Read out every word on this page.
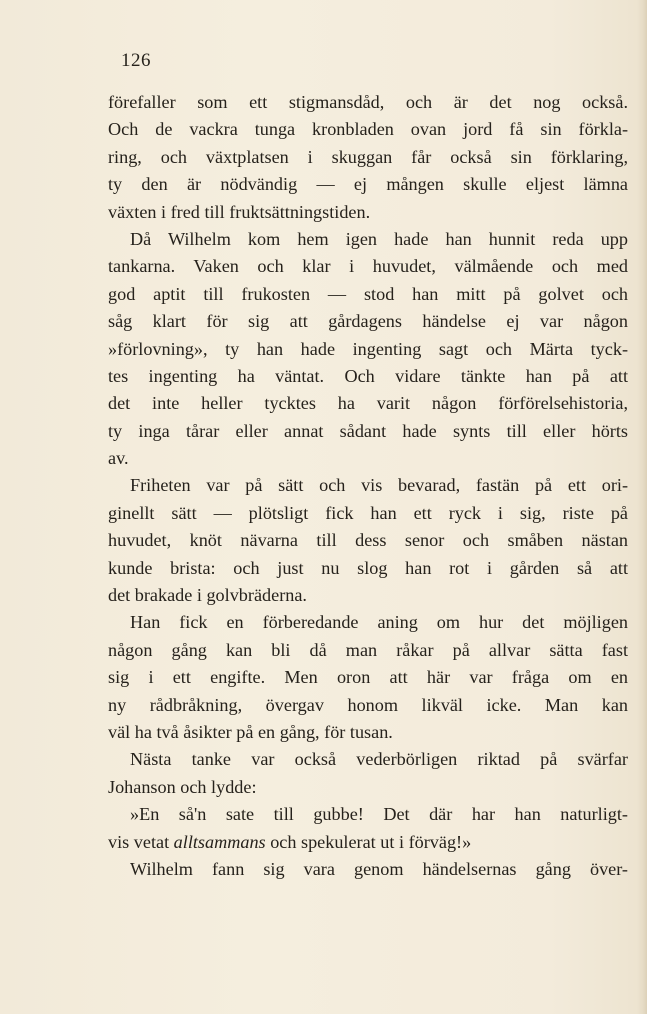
126
förefaller som ett stigmansdåd, och är det nog också.
Och de vackra tunga kronbladen ovan jord få sin förkla-
ring, och växtplatsen i skuggan får också sin förklaring,
ty den är nödvändig — ej mången skulle eljest lämna
växten i fred till fruktsättningstiden.
Då Wilhelm kom hem igen hade han hunnit reda upp
tankarna. Vaken och klar i huvudet, välmående och med
god aptit till frukosten — stod han mitt på golvet och
såg klart för sig att gårdagens händelse ej var någon
»förlovning», ty han hade ingenting sagt och Märta tyck-
tes ingenting ha väntat. Och vidare tänkte han på att
det inte heller tycktes ha varit någon förförelsehistoria,
ty inga tårar eller annat sådant hade synts till eller hörts
av.
Friheten var på sätt och vis bevarad, fastän på ett ori-
ginellt sätt — plötsligt fick han ett ryck i sig, riste på
huvudet, knöt nävarna till dess senor och småben nästan
kunde brista: och just nu slog han rot i gården så att
det brakade i golvbräderna.
Han fick en förberedande aning om hur det möjligen
någon gång kan bli då man råkar på allvar sätta fast
sig i ett engifte. Men oron att här var fråga om en
ny rådbråkning, övergav honom likväl icke. Man kan
väl ha två åsikter på en gång, för tusan.
Nästa tanke var också vederbörligen riktad på svärfar
Johanson och lydde:
»En så'n sate till gubbe! Det där har han naturligt-
vis vetat alltsammans och spekulerat ut i förväg!»
Wilhelm fann sig vara genom händelsernas gång över-
